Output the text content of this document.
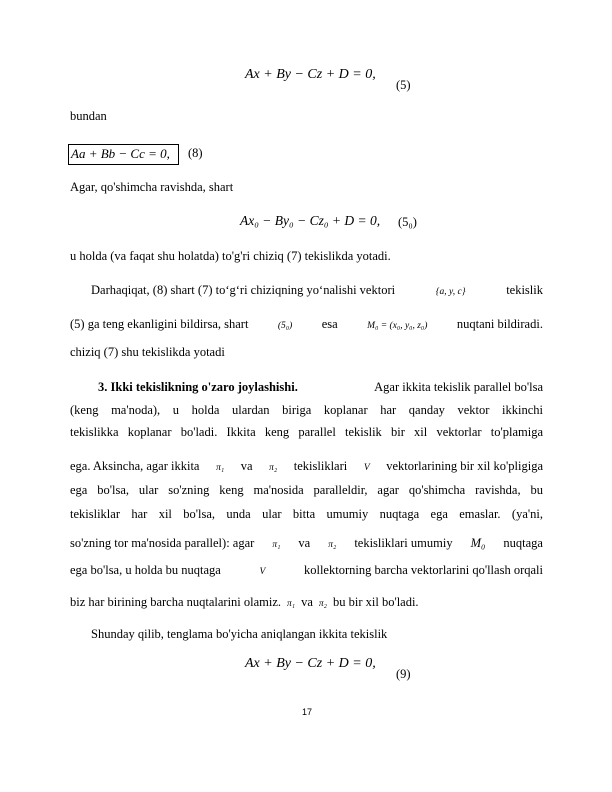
Ax + By − Cz + D = 0,
(5)
bundan
Aa + Bb − Cc = 0,	(8)
Agar, qo'shimcha ravishda, shart
Ax₀ − By₀ − Cz₀ + D = 0, (5₀)
u holda (va faqat shu holatda) to'g'ri chiziq (7) tekislikda yotadi.
Darhaqiqat, (8) shart (7) to‘g‘ri chiziqning yo‘nalishi vektori	{a, y, c}	tekislik
(5) ga teng ekanligini bildirsa, shart	(5₀) esa	M₀ = (x₀, y₀, z₀) nuqtani bildiradi.
chiziq (7) shu tekislikda yotadi
3. Ikki tekislikning o'zaro joylashishi.	Agar ikkita tekislik parallel bo'lsa
(keng ma'noda), u holda ulardan biriga koplanar har qanday vektor ikkinchi
tekislikka koplanar bo'ladi. Ikkita keng parallel tekislik bir xil vektorlar to'plamiga
ega. Aksincha, agar ikkita π₁ va π₂ tekisliklari V vektorlarining bir xil ko'pligiga
ega bo'lsa, ular so'zning keng ma'nosida paralleldir, agar qo'shimcha ravishda, bu
tekisliklar har xil bo'lsa, unda ular bitta umumiy nuqtaga ega emaslar. (ya'ni,
so'zning tor ma'nosida parallel): agar π₁ va π₂ tekisliklari umumiy M₀ nuqtaga
ega bo'lsa, u holda bu nuqtaga	V	kollektorning barcha vektorlarini qo'llash orqali
biz har birining barcha nuqtalarini olamiz. π₁ va π₂ bu bir xil bo'ladi.
Shunday qilib, tenglama bo'yicha aniqlangan ikkita tekislik
Ax + By − Cz + D = 0,
(9)
17
